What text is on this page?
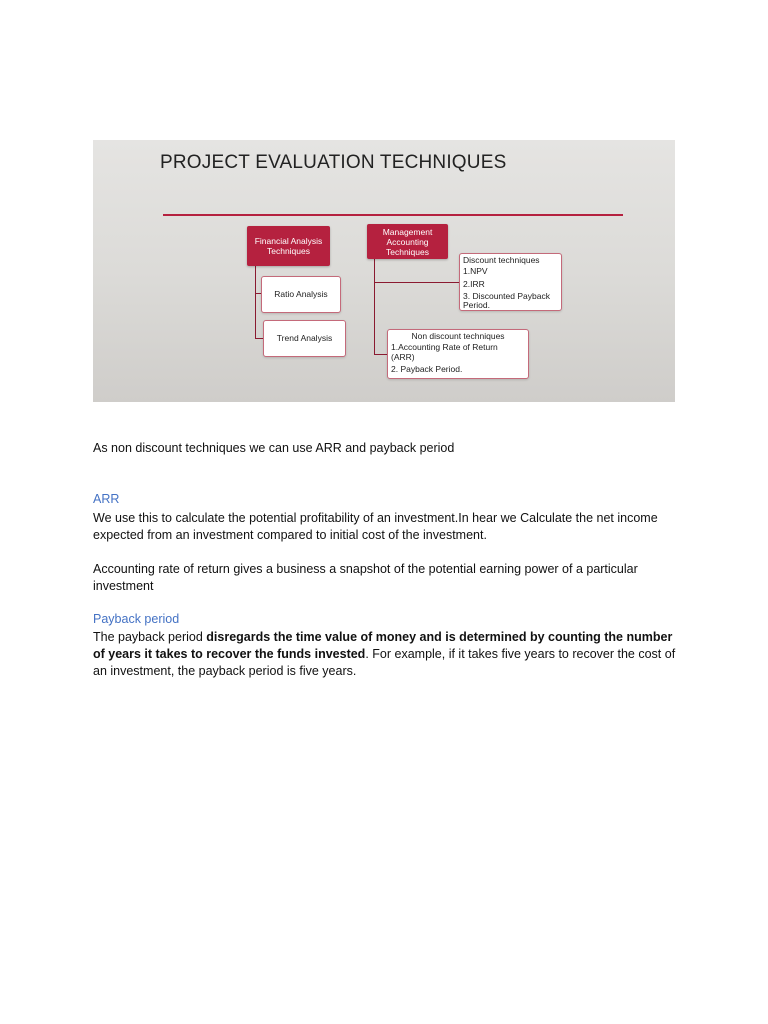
PROJECT EVALUATION TECHNIQUES
Financial Analysis
Techniques
Management
Accounting
Techniques
Ratio Analysis
Trend Analysis
Discount techniques
1.NPV
2.IRR
3. Discounted Payback Period.
Non discount techniques
1.Accounting Rate of Return (ARR)
2. Payback Period.
As non discount techniques we can use ARR and payback period
ARR
We use this to calculate the potential profitability of an investment.In hear we Calculate the net income expected from an investment compared to initial cost of the investment.
Accounting rate of return gives a business a snapshot of the potential earning power of a particular investment
Payback period
The payback period disregards the time value of money and is determined by counting the number of years it takes to recover the funds invested. For example, if it takes five years to recover the cost of an investment, the payback period is five years.
